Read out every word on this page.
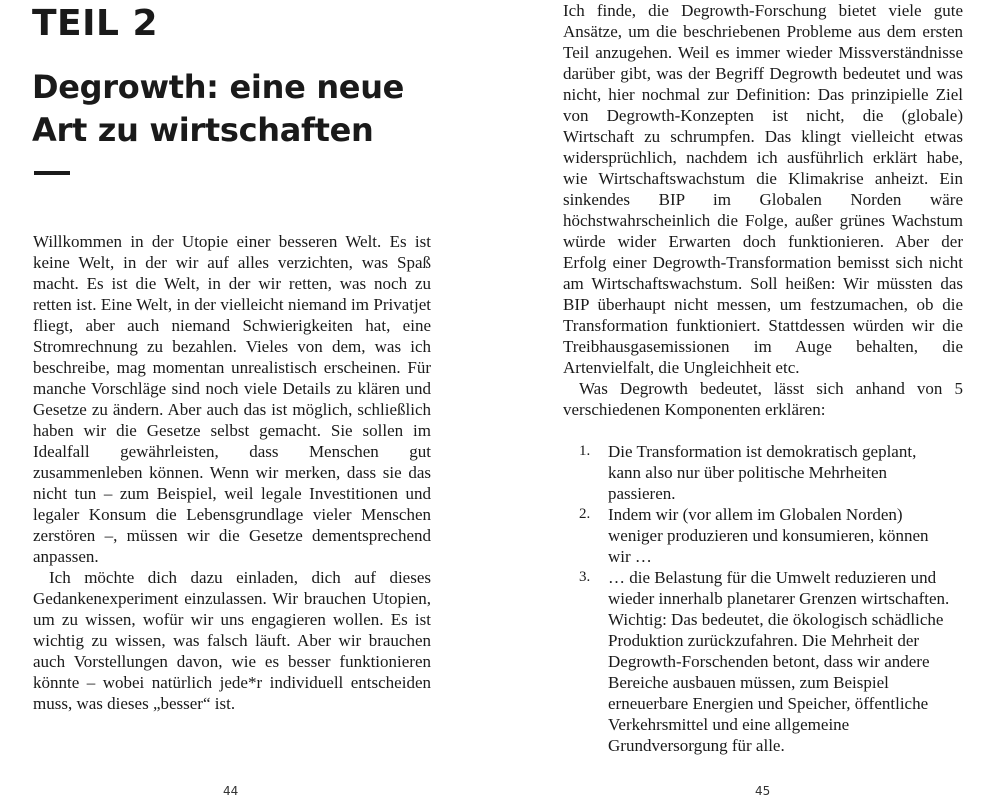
TEIL 2
Degrowth: eine neue
Art zu wirtschaften

Willkommen in der Utopie einer besseren Welt. Es ist keine Welt, in der wir auf alles verzichten, was Spaß macht. Es ist die Welt, in der wir retten, was noch zu retten ist. Eine Welt, in der vielleicht niemand im Privatjet fliegt, aber auch niemand Schwierigkeiten hat, eine Stromrechnung zu bezahlen. Vieles von dem, was ich beschreibe, mag momentan unrealistisch erscheinen. Für manche Vorschläge sind noch viele Details zu klären und Gesetze zu ändern. Aber auch das ist möglich, schließlich haben wir die Gesetze selbst gemacht. Sie sollen im Idealfall gewährleisten, dass Menschen gut zusammenleben können. Wenn wir merken, dass sie das nicht tun – zum Beispiel, weil legale Investitionen und legaler Konsum die Lebensgrundlage vieler Menschen zerstören –, müssen wir die Gesetze dementsprechend anpassen.

Ich möchte dich dazu einladen, dich auf dieses Gedankenexperiment einzulassen. Wir brauchen Utopien, um zu wissen, wofür wir uns engagieren wollen. Es ist wichtig zu wissen, was falsch läuft. Aber wir brauchen auch Vorstellungen davon, wie es besser funktionieren könnte – wobei natürlich jede*r individuell entscheiden muss, was dieses „besser“ ist.

44	45

Ich finde, die Degrowth-Forschung bietet viele gute Ansätze, um die beschriebenen Probleme aus dem ersten Teil anzugehen. Weil es immer wieder Missverständnisse darüber gibt, was der Begriff Degrowth bedeutet und was nicht, hier nochmal zur Definition: Das prinzipielle Ziel von Degrowth-Konzepten ist nicht, die (globale) Wirtschaft zu schrumpfen. Das klingt vielleicht etwas widersprüchlich, nachdem ich ausführlich erklärt habe, wie Wirtschaftswachstum die Klimakrise anheizt. Ein sinkendes BIP im Globalen Norden wäre höchstwahrscheinlich die Folge, außer grünes Wachstum würde wider Erwarten doch funktionieren. Aber der Erfolg einer Degrowth-Transformation bemisst sich nicht am Wirtschaftswachstum. Soll heißen: Wir müssten das BIP überhaupt nicht messen, um festzumachen, ob die Transformation funktioniert. Stattdessen würden wir die Treibhausgasemissionen im Auge behalten, die Artenvielfalt, die Ungleichheit etc.

Was Degrowth bedeutet, lässt sich anhand von 5 verschiedenen Komponenten erklären:

1. Die Transformation ist demokratisch geplant, kann also nur über politische Mehrheiten passieren.
2. Indem wir (vor allem im Globalen Norden) weniger produzieren und konsumieren, können wir …
3. … die Belastung für die Umwelt reduzieren und wieder innerhalb planetarer Grenzen wirtschaften. Wichtig: Das bedeutet, die ökologisch schädliche Produktion zurückzufahren. Die Mehrheit der Degrowth-Forschenden betont, dass wir andere Bereiche ausbauen müssen, zum Beispiel erneuerbare Energien und Speicher, öffentliche Verkehrsmittel und eine allgemeine Grundversorgung für alle.
